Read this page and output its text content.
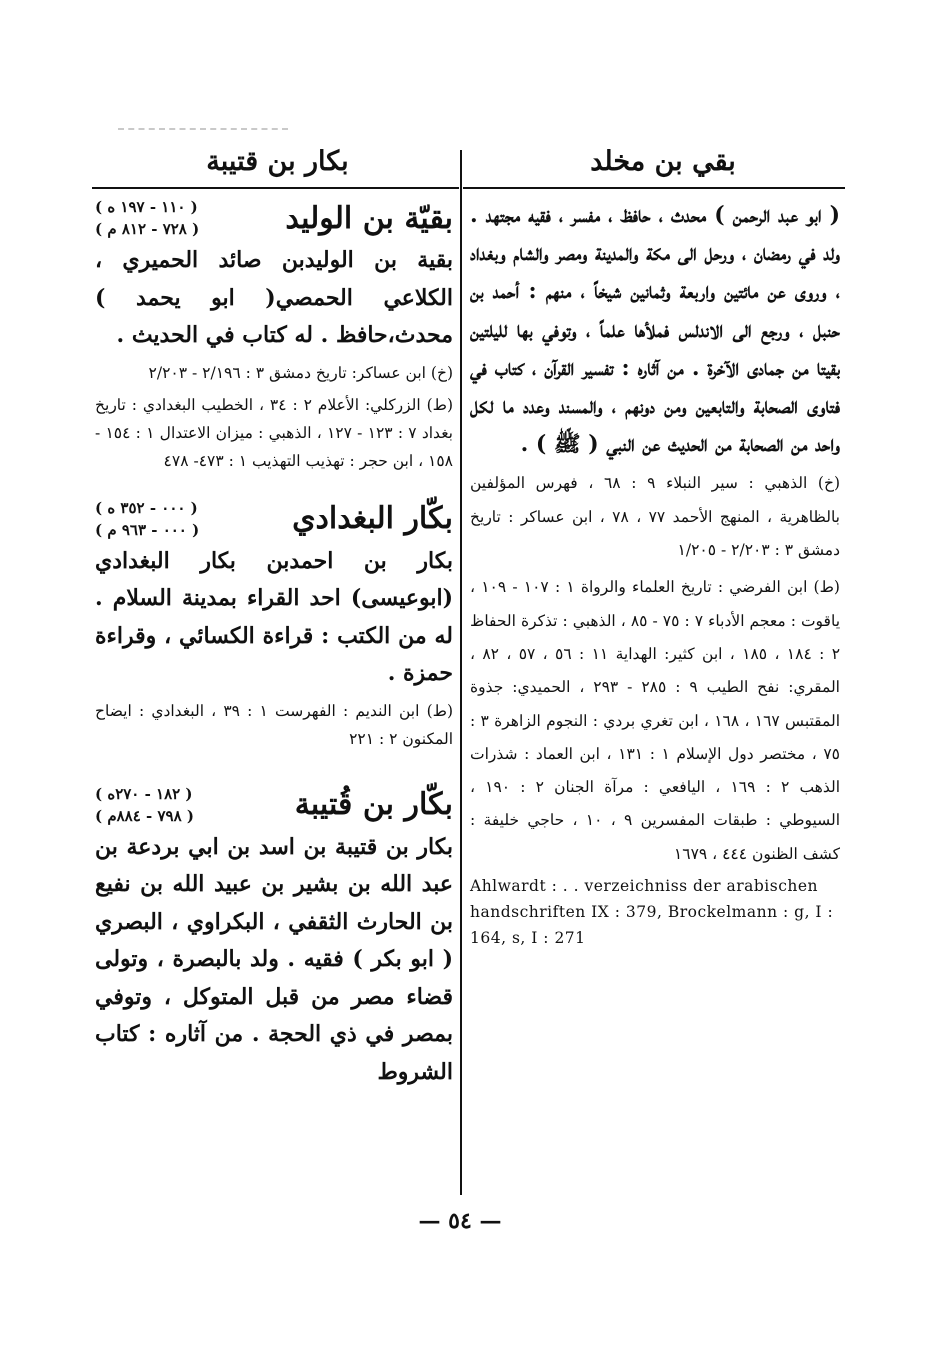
بكار بن قتيبة	بقي بن مخلد
بقيّة بن الوليد
( ١١٠ - ١٩٧ ه )
( ٧٢٨ - ٨١٢ م )

بقية بن الوليدبن صائد الحميري ، الكلاعي الحمصي( ابو يحمد ) محدث،حافظ . له كتاب في الحديث .

(خ) ابن عساكر: تاريخ دمشق ٣ : ٢/١٩٦ - ٢/٢٠٣

(ط) الزركلي: الأعلام ٢ : ٣٤ ، الخطيب البغدادي : تاريخ بغداد ٧ : ١٢٣ - ١٢٧ ، الذهبي : ميزان الاعتدال ١ : ١٥٤ - ١٥٨ ، ابن حجر : تهذيب التهذيب ١ : ٤٧٣- ٤٧٨

بكّار البغدادي
( ٠٠٠ - ٣٥٢ ه )
( ٠٠٠ - ٩٦٣ م )

بكار بن احمدبن بكار البغدادي (ابوعيسى) احد القراء بمدينة السلام . له من الكتب : قراءة الكسائي ، وقراءة حمزة .

(ط) ابن النديم : الفهرست ١ : ٣٩ ، البغدادي : ايضاح المكنون ٢ : ٢٢١

بكّار بن قُتيبة
( ١٨٢ - ٢٧٠ه )
( ٧٩٨ - ٨٨٤م )

بكار بن قتيبة بن اسد بن ابي بردعة بن عبد الله بن بشير بن عبيد الله بن نفيع بن الحارث الثقفي ، البكراوي ، البصري ( ابو بكر ) فقيه . ولد بالبصرة ، وتولى قضاء مصر من قبل المتوكل ، وتوفي بمصر في ذي الحجة . من آثاره : كتاب الشروط

( ابو عبد الرحمن ) محدث ، حافظ ، مفسر ، فقيه مجتهد . ولد في رمضان ، ورحل الى مكة والمدينة ومصر والشام وبغداد ، وروى عن مائتين واربعة وثمانين شيخاً ، منهم : أحمد بن حنبل ، ورجع الى الاندلس فملأها علماً ، وتوفي بها لليلتين بقيتا من جمادى الآخرة . من آثاره : تفسير القرآن ، كتاب في فتاوى الصحابة والتابعين ومن دونهم ، والمسند وعدد ما لكل واحد من الصحابة من الحديث عن النبي ( ﷺ ) .

(خ) الذهبي : سير النبلاء ٩ : ٦٨ ، فهرس المؤلفين بالظاهرية ، المنهج الأحمد ٧٧ ، ٧٨ ، ابن عساكر : تاريخ دمشق ٣ : ٢/٢٠٣ - ١/٢٠٥

(ط) ابن الفرضي : تاريخ العلماء والرواة ١ : ١٠٧ - ١٠٩ ، ياقوت : معجم الأدباء ٧ : ٧٥ - ٨٥ ، الذهبي : تذكرة الحفاظ ٢ : ١٨٤ ، ١٨٥ ، ابن كثير: الهداية ١١ : ٥٦ ، ٥٧ ، ٨٢ ، المقري: نفح الطيب ٩ : ٢٨٥ - ٢٩٣ ، الحميدي: جذوة المقتبس ١٦٧ ، ١٦٨ ، ابن تغري بردي : النجوم الزاهرة ٣ : ٧٥ ، مختصر دول الإسلام ١ : ١٣١ ، ابن العماد : شذرات الذهب ٢ : ١٦٩ ، اليافعي : مرآة الجنان ٢ : ١٩٠ ، السيوطي : طبقات المفسرين ٩ ، ١٠ ، حاجي خليفة : كشف الظنون ٤٤٤ ، ١٦٧٩

Ahlwardt : . . verzeichniss der arabischen handschriften IX : 379, Brockelmann : g, I : 164, s, I : 271

— ٥٤ —
